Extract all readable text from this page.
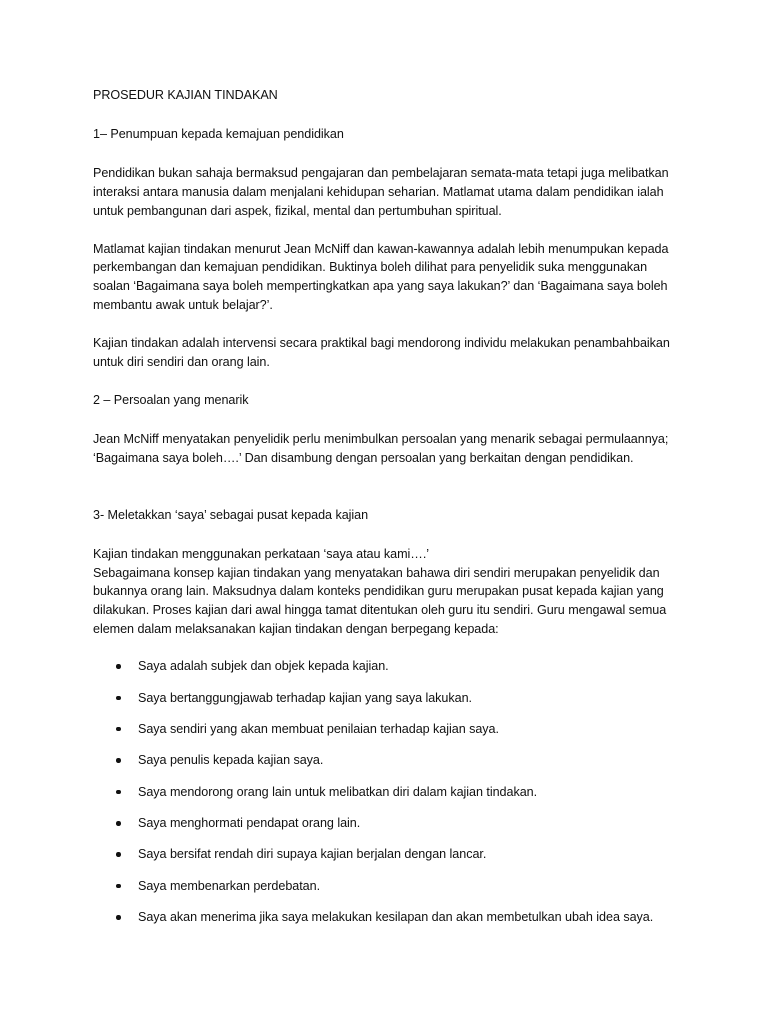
PROSEDUR KAJIAN TINDAKAN

1– Penumpuan kepada kemajuan pendidikan

Pendidikan bukan sahaja bermaksud pengajaran dan pembelajaran semata-mata tetapi juga melibatkan interaksi antara manusia dalam menjalani kehidupan seharian. Matlamat utama dalam pendidikan ialah untuk pembangunan dari aspek, fizikal, mental dan pertumbuhan spiritual.

Matlamat kajian tindakan menurut Jean McNiff dan kawan-kawannya adalah lebih menumpukan kepada perkembangan dan kemajuan pendidikan. Buktinya boleh dilihat para penyelidik suka menggunakan soalan ‘Bagaimana saya boleh mempertingkatkan apa yang saya lakukan?’ dan ‘Bagaimana saya boleh membantu awak untuk belajar?’.

Kajian tindakan adalah intervensi secara praktikal bagi mendorong individu melakukan penambahbaikan untuk diri sendiri dan orang lain.

2 – Persoalan yang menarik

Jean McNiff menyatakan penyelidik perlu menimbulkan persoalan yang menarik sebagai permulaannya; ‘Bagaimana saya boleh….’ Dan disambung dengan persoalan yang berkaitan dengan pendidikan.

3- Meletakkan ‘saya’ sebagai pusat kepada kajian

Kajian tindakan menggunakan perkataan ‘saya atau kami….’

Sebagaimana konsep kajian tindakan yang menyatakan bahawa diri sendiri merupakan penyelidik dan bukannya orang lain. Maksudnya dalam konteks pendidikan guru merupakan pusat kepada kajian yang dilakukan. Proses kajian dari awal hingga tamat ditentukan oleh guru itu sendiri. Guru mengawal semua elemen dalam melaksanakan kajian tindakan dengan berpegang kepada:

Saya adalah subjek dan objek kepada kajian.
Saya bertanggungjawab terhadap kajian yang saya lakukan.
Saya sendiri yang akan membuat penilaian terhadap kajian saya.
Saya penulis kepada kajian saya.
Saya mendorong orang lain untuk melibatkan diri dalam kajian tindakan.
Saya menghormati pendapat orang lain.
Saya bersifat rendah diri supaya kajian berjalan dengan lancar.
Saya membenarkan perdebatan.
Saya akan menerima jika saya melakukan kesilapan dan akan membetulkan ubah idea saya.
